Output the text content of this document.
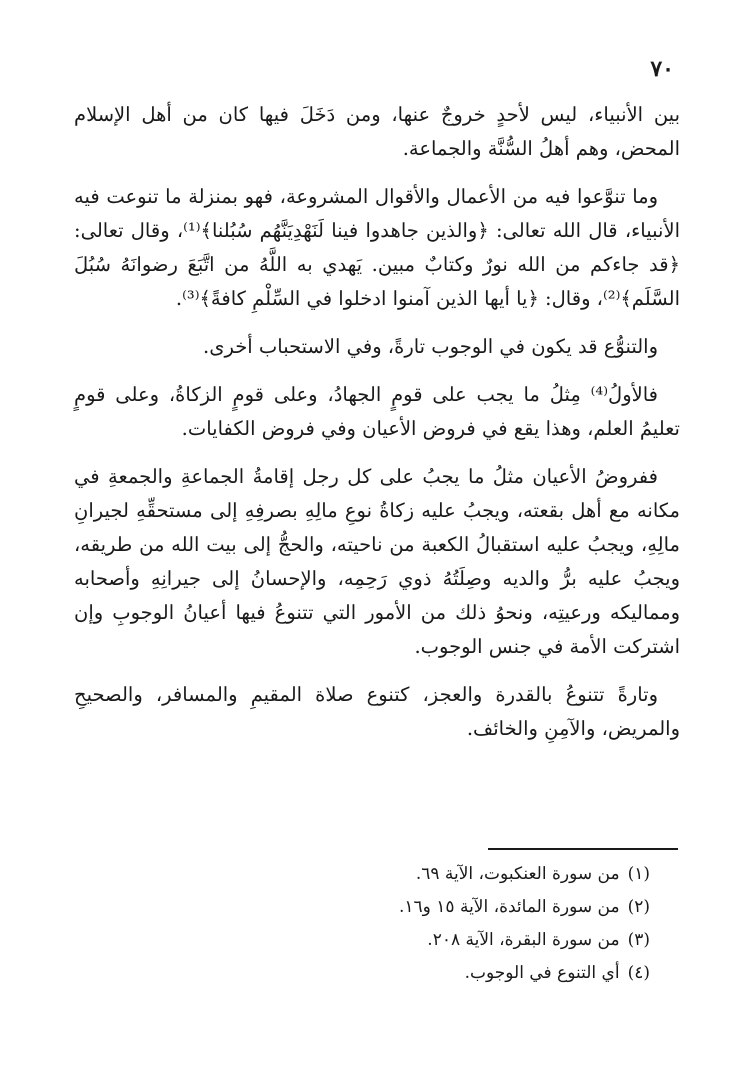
٧٠

بين الأنبياء، ليس لأحدٍ خروجٌ عنها، ومن دَخَلَ فيها كان من أهل الإسلام المحض، وهم أهلُ السُّنَّة والجماعة.

وما تنوَّعوا فيه من الأعمال والأقوال المشروعة، فهو بمنزلة ما تنوعت فيه الأنبياء، قال الله تعالى: ﴿والذين جاهدوا فينا لَنَهْدِيَنَّهُم سُبُلنا﴾⁽¹⁾، وقال تعالى: ﴿قد جاءكم من الله نورٌ وكتابٌ مبين. يَهدي به اللَّهُ من اتَّبَعَ رضوانَهُ سُبُلَ السَّلَم﴾⁽²⁾، وقال: ﴿يا أيها الذين آمنوا ادخلوا في السِّلْمِ كافةً﴾⁽³⁾.

والتنوُّع قد يكون في الوجوب تارةً، وفي الاستحباب أخرى.

فالأولُ⁽⁴⁾ مِثلُ ما يجب على قومٍ الجهادُ، وعلى قومٍ الزكاةُ، وعلى قومٍ تعليمُ العلم، وهذا يقع في فروض الأعيان وفي فروض الكفايات.

ففروضُ الأعيان مثلُ ما يجبُ على كل رجل إقامةُ الجماعةِ والجمعةِ في مكانه مع أهل بقعته، ويجبُ عليه زكاةُ نوعِ مالِهِ بصرفِهِ إلى مستحقِّهِ لجيرانِ مالِهِ، ويجبُ عليه استقبالُ الكعبة من ناحيته، والحجُّ إلى بيت الله من طريقه، ويجبُ عليه برُّ والديه وصِلَتُهُ ذوي رَحِمِه، والإحسانُ إلى جيرانِهِ وأصحابه ومماليكه ورعيتِه، ونحوُ ذلك من الأمور التي تتنوعُ فيها أعيانُ الوجوبِ وإن اشتركت الأمة في جنس الوجوب.

وتارةً تتنوعُ بالقدرة والعجز، كتنوع صلاة المقيمِ والمسافر، والصحيحِ والمريض، والآمِنِ والخائف.

(١)من سورة العنكبوت، الآية ٦٩.

(٢)من سورة المائدة، الآية ١٥ و١٦.

(٣)من سورة البقرة، الآية ٢٠٨.

(٤)أي التنوع في الوجوب.
